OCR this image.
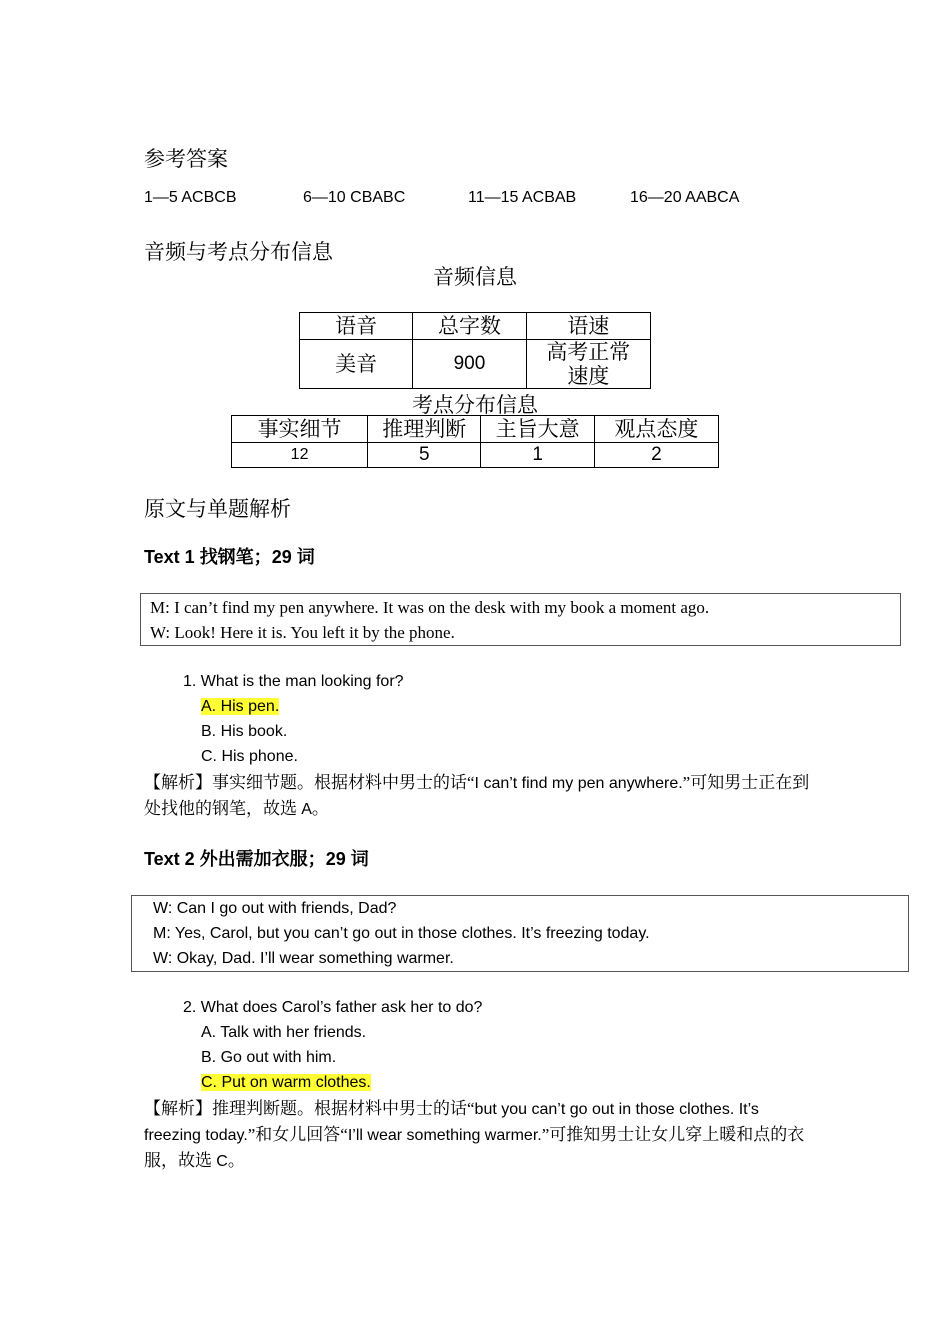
参考答案
1—5 ACBCB	6—10 CBABC	11—15 ACBAB	16—20 AABCA
音频与考点分布信息
音频信息
语音	总字数	语速
美音	900	高考正常速度
考点分布信息
事实细节	推理判断	主旨大意	观点态度
12	5	1	2
原文与单题解析
Text 1 找钢笔；29 词
M: I can’t find my pen anywhere. It was on the desk with my book a moment ago.
W: Look! Here it is. You left it by the phone.
1. What is the man looking for?
A. His pen.
B. His book.
C. His phone.
【解析】事实细节题。根据材料中男士的话“I can’t find my pen anywhere.”可知男士正在到处找他的钢笔，故选 A。
Text 2 外出需加衣服；29 词
W: Can I go out with friends, Dad?
M: Yes, Carol, but you can’t go out in those clothes. It’s freezing today.
W: Okay, Dad. I’ll wear something warmer.
2. What does Carol’s father ask her to do?
A. Talk with her friends.
B. Go out with him.
C. Put on warm clothes.
【解析】推理判断题。根据材料中男士的话“but you can’t go out in those clothes. It’s freezing today.”和女儿回答“I’ll wear something warmer.”可推知男士让女儿穿上暖和点的衣服，故选 C。
